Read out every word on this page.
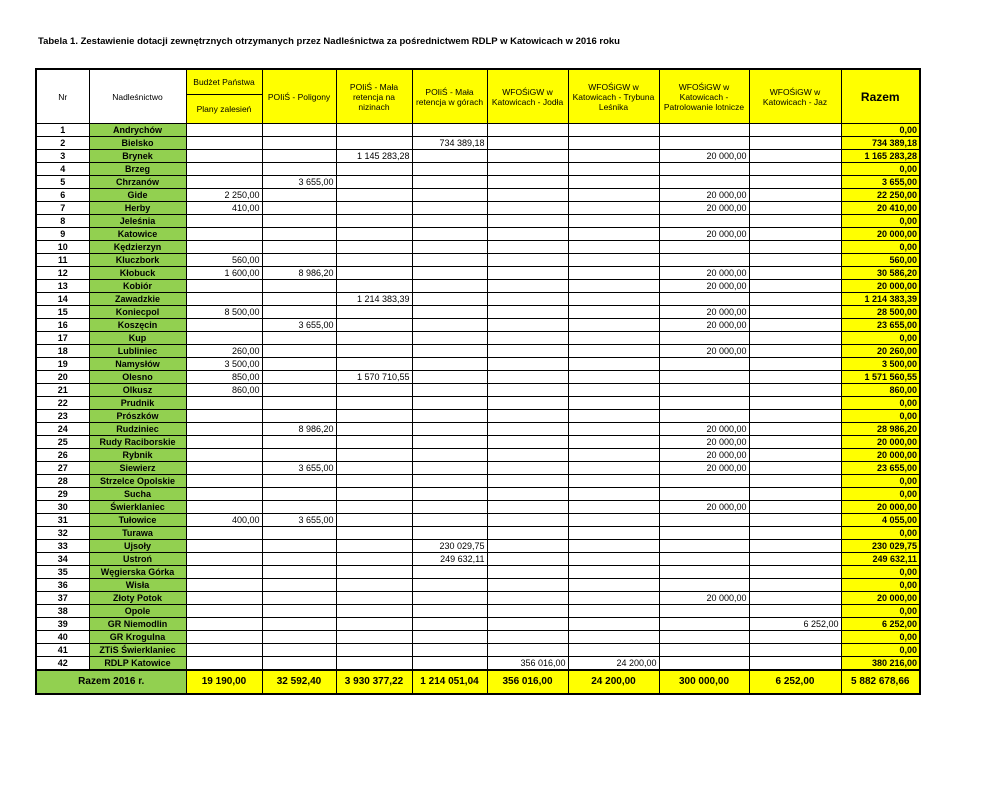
Tabela 1. Zestawienie dotacji zewnętrznych otrzymanych przez Nadleśnictwa za pośrednictwem RDLP w Katowicach w 2016 roku
Nr	Nadleśnictwo	Budżet Państwa	POIiŚ - Poligony	POIiŚ - Mała retencja na nizinach	POIiŚ - Mała retencja w górach	WFOŚiGW w Katowicach - Jodła	WFOŚiGW w Katowicach - Trybuna Leśnika	WFOŚiGW w Katowicach - Patrolowanie lotnicze	WFOŚiGW w Katowicach - Jaz	Razem
		Plany zalesień								
1	Andrychów									0,00
2	Bielsko				734 389,18					734 389,18
3	Brynek			1 145 283,28				20 000,00		1 165 283,28
4	Brzeg									0,00
5	Chrzanów		3 655,00							3 655,00
6	Gide	2 250,00						20 000,00		22 250,00
7	Herby	410,00						20 000,00		20 410,00
8	Jeleśnia									0,00
9	Katowice							20 000,00		20 000,00
10	Kędzierzyn									0,00
11	Kluczbork	560,00								560,00
12	Kłobuck	1 600,00	8 986,20					20 000,00		30 586,20
13	Kobiór							20 000,00		20 000,00
14	Zawadzkie			1 214 383,39						1 214 383,39
15	Koniecpol	8 500,00						20 000,00		28 500,00
16	Koszęcin		3 655,00					20 000,00		23 655,00
17	Kup									0,00
18	Lubliniec	260,00						20 000,00		20 260,00
19	Namysłów	3 500,00								3 500,00
20	Olesno	850,00		1 570 710,55						1 571 560,55
21	Olkusz	860,00								860,00
22	Prudnik									0,00
23	Prószków									0,00
24	Rudziniec		8 986,20					20 000,00		28 986,20
25	Rudy Raciborskie							20 000,00		20 000,00
26	Rybnik							20 000,00		20 000,00
27	Siewierz		3 655,00					20 000,00		23 655,00
28	Strzelce Opolskie									0,00
29	Sucha									0,00
30	Świerklaniec							20 000,00		20 000,00
31	Tułowice	400,00	3 655,00							4 055,00
32	Turawa									0,00
33	Ujsoły				230 029,75					230 029,75
34	Ustroń				249 632,11					249 632,11
35	Węgierska Górka									0,00
36	Wisła									0,00
37	Złoty Potok							20 000,00		20 000,00
38	Opole									0,00
39	GR Niemodlin								6 252,00	6 252,00
40	GR Krogulna									0,00
41	ZTiS Świerklaniec									0,00
42	RDLP Katowice					356 016,00	24 200,00			380 216,00
Razem 2016 r.		19 190,00	32 592,40	3 930 377,22	1 214 051,04	356 016,00	24 200,00	300 000,00	6 252,00	5 882 678,66
